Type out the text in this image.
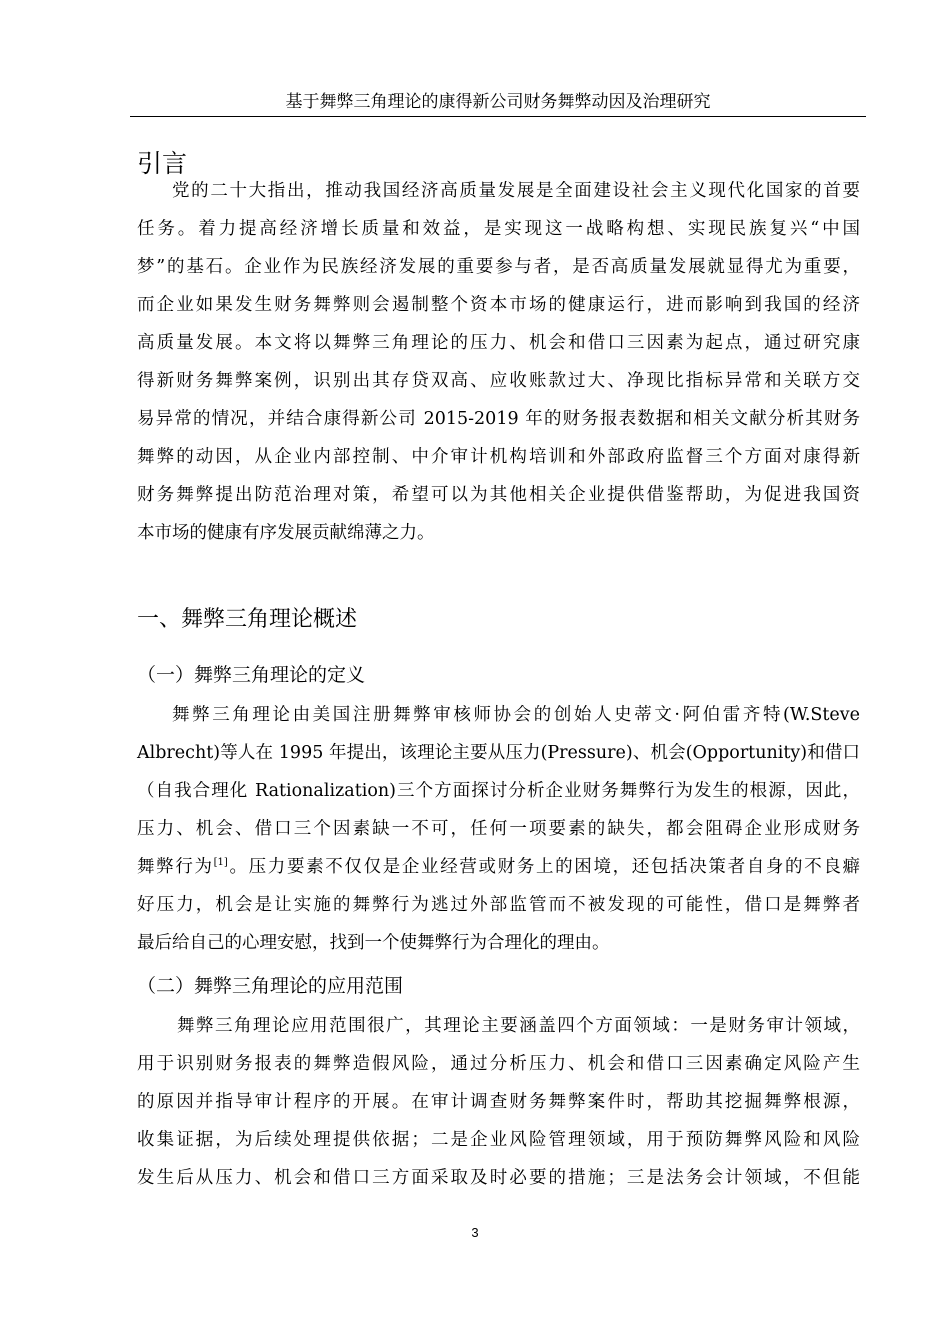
基于舞弊三角理论的康得新公司财务舞弊动因及治理研究
引言
党的二十大指出，推动我国经济高质量发展是全面建设社会主义现代化国家的首要
任务。着力提高经济增长质量和效益，是实现这一战略构想、实现民族复兴“中国
梦”的基石。企业作为民族经济发展的重要参与者，是否高质量发展就显得尤为重要，
而企业如果发生财务舞弊则会遏制整个资本市场的健康运行，进而影响到我国的经济
高质量发展。本文将以舞弊三角理论的压力、机会和借口三因素为起点，通过研究康
得新财务舞弊案例，识别出其存贷双高、应收账款过大、净现比指标异常和关联方交
易异常的情况，并结合康得新公司 2015-2019 年的财务报表数据和相关文献分析其财务
舞弊的动因，从企业内部控制、中介审计机构培训和外部政府监督三个方面对康得新
财务舞弊提出防范治理对策，希望可以为其他相关企业提供借鉴帮助，为促进我国资
本市场的健康有序发展贡献绵薄之力。
一、舞弊三角理论概述
（一）舞弊三角理论的定义
舞弊三角理论由美国注册舞弊审核师协会的创始人史蒂文·阿伯雷齐特(W.Steve
Albrecht)等人在 1995 年提出，该理论主要从压力(Pressure)、机会(Opportunity)和借口
（自我合理化 Rationalization)三个方面探讨分析企业财务舞弊行为发生的根源，因此，
压力、机会、借口三个因素缺一不可，任何一项要素的缺失，都会阻碍企业形成财务
舞弊行为[1]。压力要素不仅仅是企业经营或财务上的困境，还包括决策者自身的不良癖
好压力，机会是让实施的舞弊行为逃过外部监管而不被发现的可能性，借口是舞弊者
最后给自己的心理安慰，找到一个使舞弊行为合理化的理由。
（二）舞弊三角理论的应用范围
舞弊三角理论应用范围很广，其理论主要涵盖四个方面领域：一是财务审计领域，
用于识别财务报表的舞弊造假风险，通过分析压力、机会和借口三因素确定风险产生
的原因并指导审计程序的开展。在审计调查财务舞弊案件时，帮助其挖掘舞弊根源，
收集证据，为后续处理提供依据；二是企业风险管理领域，用于预防舞弊风险和风险
发生后从压力、机会和借口三方面采取及时必要的措施；三是法务会计领域，不但能
3
